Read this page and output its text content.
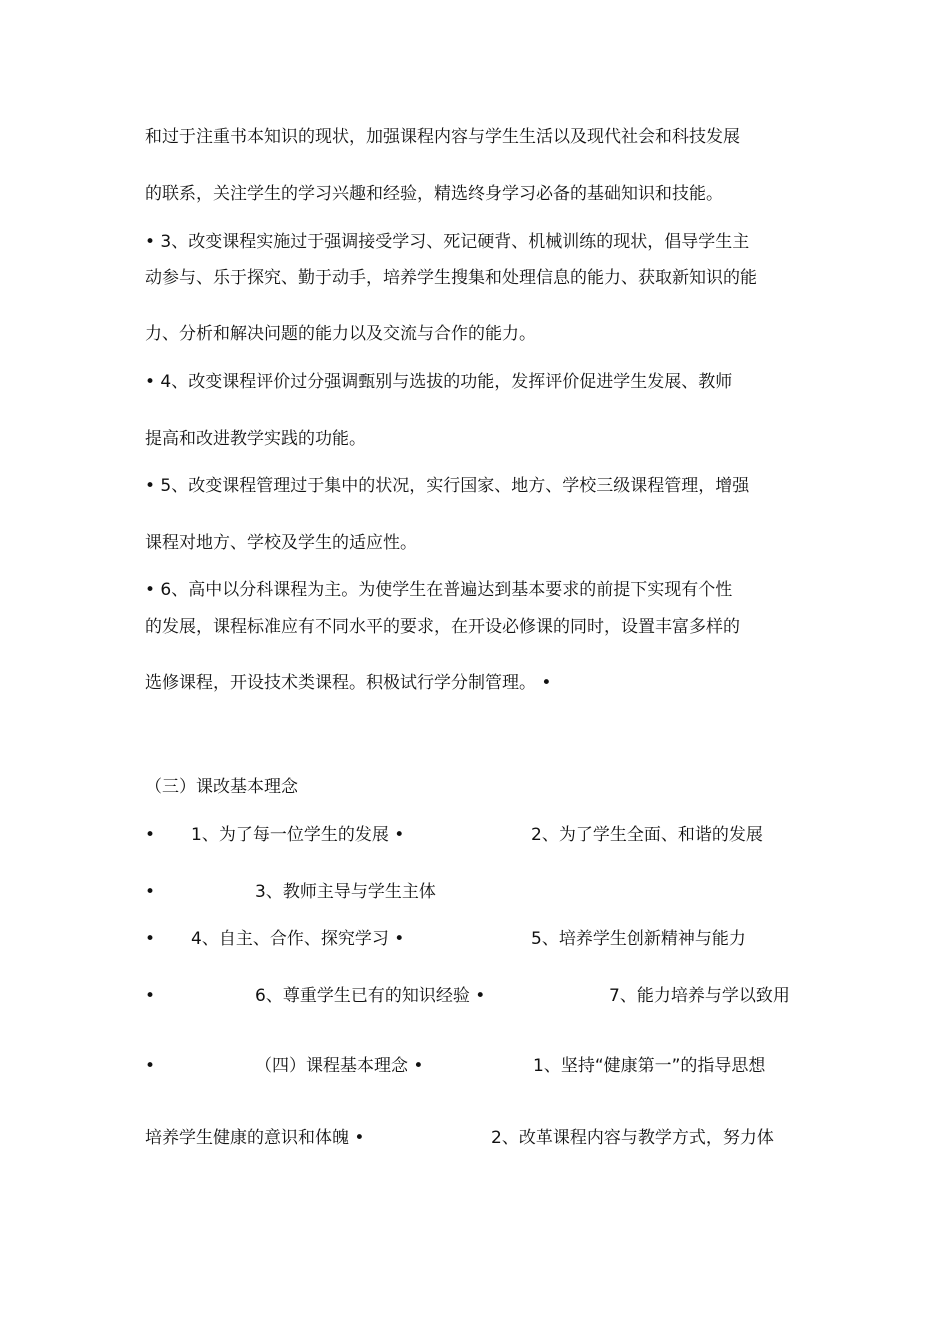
和过于注重书本知识的现状，加强课程内容与学生生活以及现代社会和科技发展
的联系，关注学生的学习兴趣和经验，精选终身学习必备的基础知识和技能。
• 3、改变课程实施过于强调接受学习、死记硬背、机械训练的现状，倡导学生主
动参与、乐于探究、勤于动手，培养学生搜集和处理信息的能力、获取新知识的能
力、分析和解决问题的能力以及交流与合作的能力。
• 4、改变课程评价过分强调甄别与选拔的功能，发挥评价促进学生发展、教师
提高和改进教学实践的功能。
• 5、改变课程管理过于集中的状况，实行国家、地方、学校三级课程管理，增强
课程对地方、学校及学生的适应性。
• 6、高中以分科课程为主。为使学生在普遍达到基本要求的前提下实现有个性
的发展，课程标准应有不同水平的要求，在开设必修课的同时，设置丰富多样的
选修课程，开设技术类课程。积极试行学分制管理。 •
（三）课改基本理念
• 1、为了每一位学生的发展 •	2、为了学生全面、和谐的发展
•	3、教师主导与学生主体
• 4、自主、合作、探究学习 •	5、培养学生创新精神与能力
•	6、尊重学生已有的知识经验 •	7、能力培养与学以致用
•	（四）课程基本理念 •	1、坚持“健康第一”的指导思想
培养学生健康的意识和体魄 •	2、改革课程内容与教学方式，努力体
